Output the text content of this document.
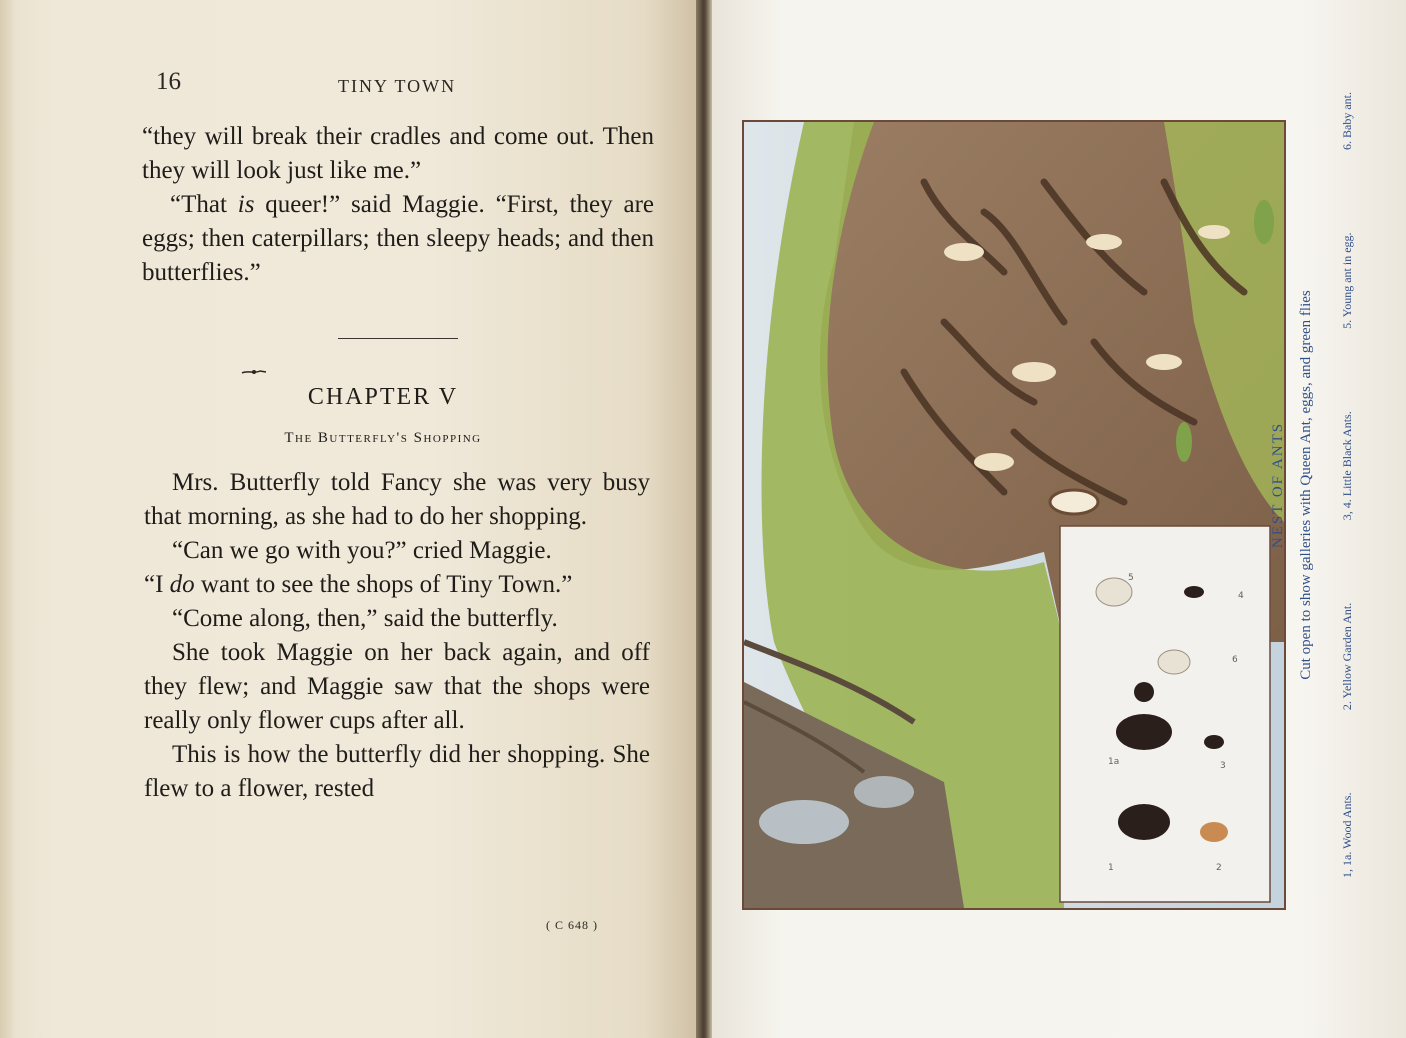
16	TINY TOWN

“they will break their cradles and come out. Then they will look just like me.”

“That is queer!” said Maggie. “First, they are eggs; then caterpillars; then sleepy heads; and then butterflies.”

CHAPTER V
The Butterfly's Shopping

Mrs. Butterfly told Fancy she was very busy that morning, as she had to do her shopping.

“Can we go with you?” cried Maggie.

“I do want to see the shops of Tiny Town.”

“Come along, then,” said the butterfly.

She took Maggie on her back again, and off they flew; and Maggie saw that the shops were really only flower cups after all.

This is how the butterfly did her shopping. She flew to a flower, rested

( C 648 )
5
4
6
3
1a
2
1
NEST OF ANTS Cut open to show galleries with Queen Ant, eggs, and green flies
1, 1a. Wood Ants.
2. Yellow Garden Ant.
3, 4. Little Black Ants.
5. Young ant in egg.
6. Baby ant.
